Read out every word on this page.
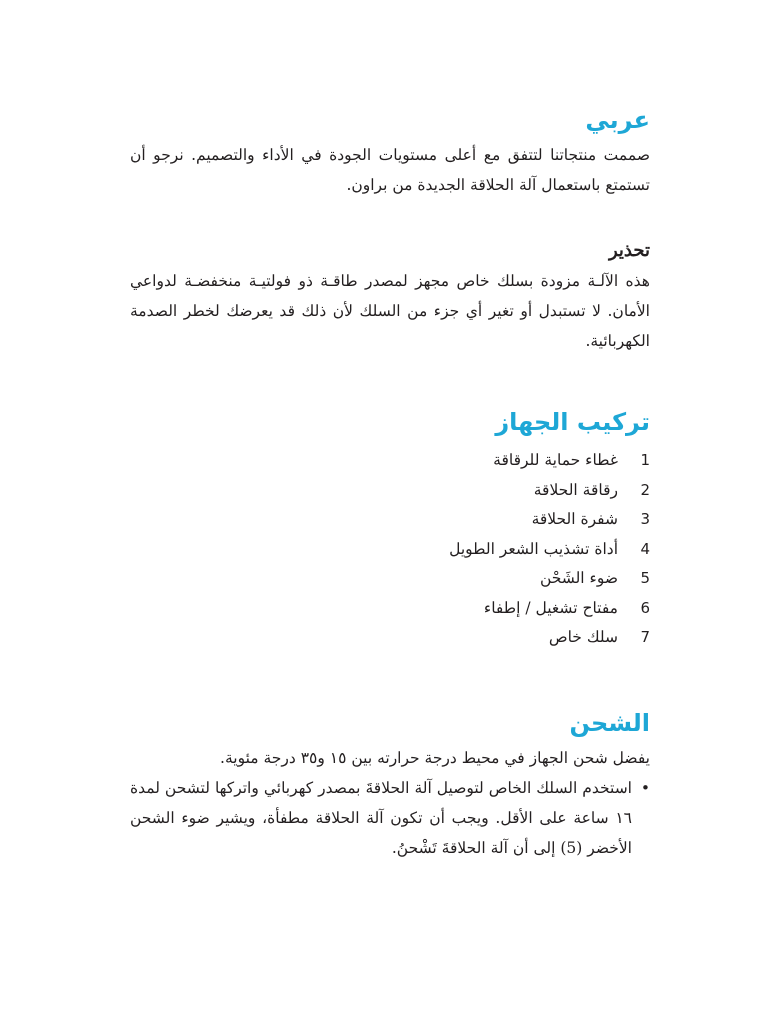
عربي

صممت منتجاتنا لتتفق مع أعلى مستويات الجودة في الأداء والتصميم. نرجو أن تستمتع باستعمال آلة الحلاقة الجديدة من براون.

تحذير

هذه الآلـة مزودة بسلك خاص مجهز لمصدر طاقـة ذو فولتيـة منخفضـة لدواعي الأمان. لا تستبدل أو تغير أي جزء من السلك لأن ذلك قد يعرضك لخطر الصدمة الكهربائية.

تركيب الجهاز
1
غطاء حماية للرقاقة
2
رقاقة الحلاقة
3
شفرة الحلاقة
4
أداة تشذيب الشعر الطويل
5
ضوء الشَحْن
6
مفتاح تشغيل / إطفاء
7
سلك خاص
الشحن

يفضل شحن الجهاز في محيط درجة حرارته بين ١٥ و٣٥ درجة مئوية.

•

استخدم السلك الخاص لتوصيل آلة الحلاقةَ بمصدر كهربائي واتركها لتشحن لمدة ١٦ ساعة على الأقل. ويجب أن تكون آلة الحلاقة مطفأة، ويشير ضوء الشحن الأخضر (5) إلى أن آلة الحلاقةَ تَشْحنُ.
